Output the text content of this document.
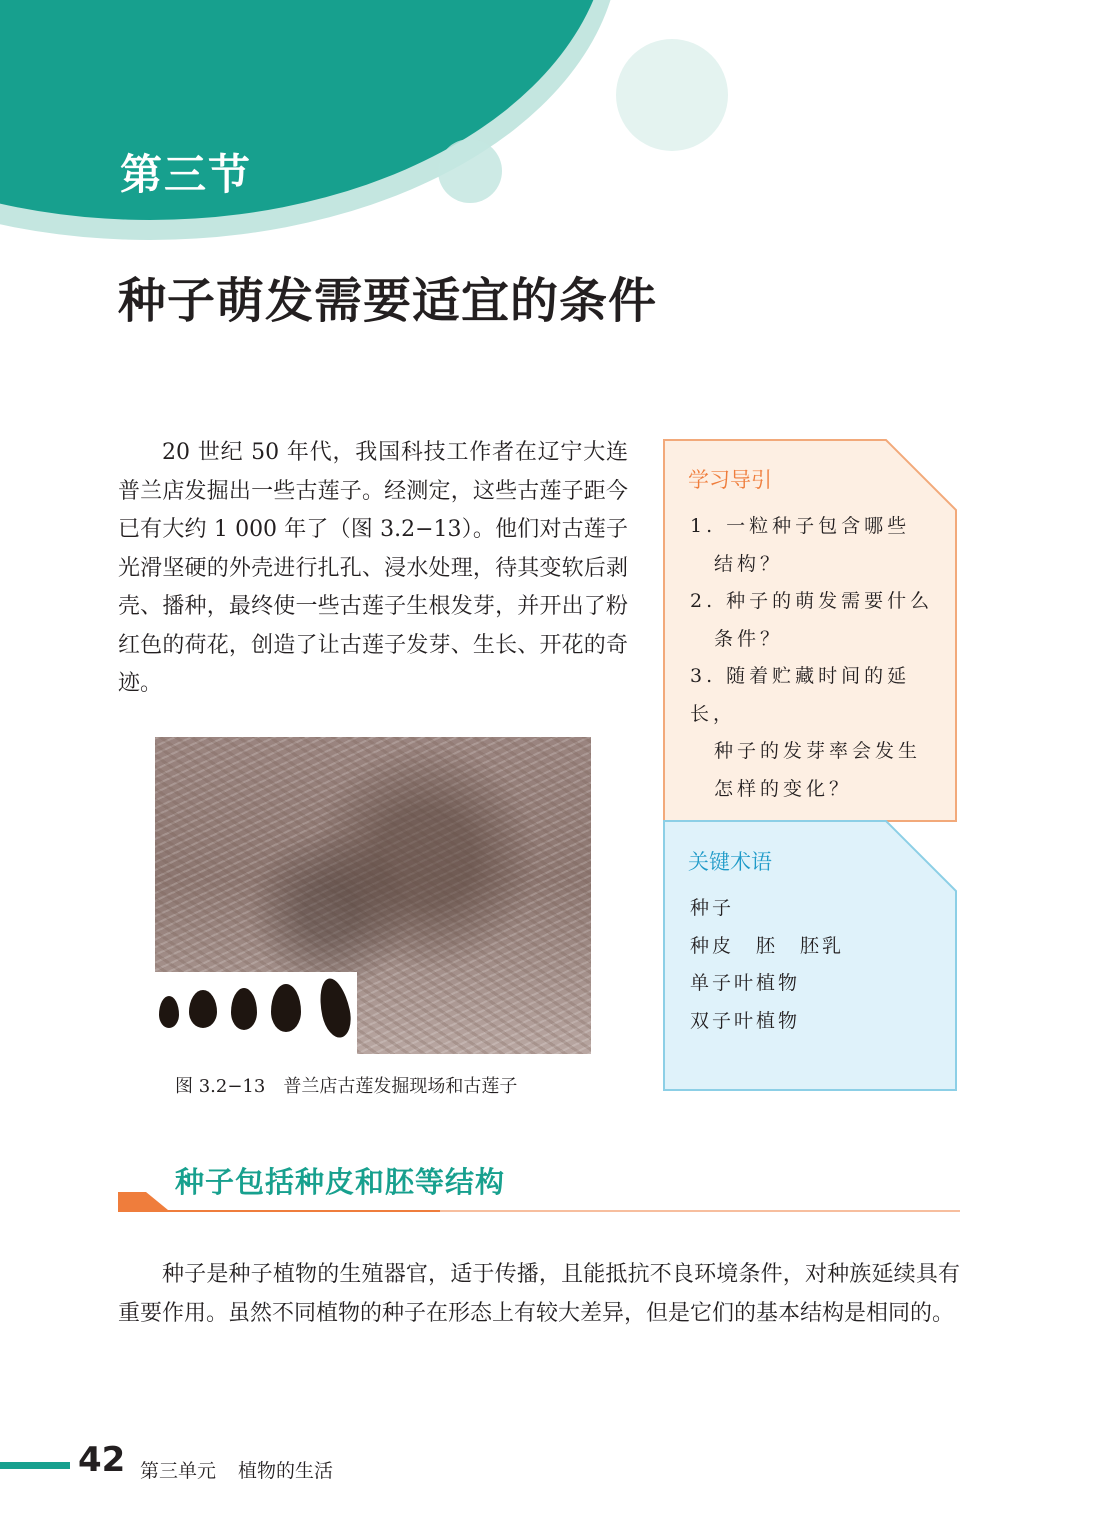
第三节
种子萌发需要适宜的条件

20 世纪 50 年代，我国科技工作者在辽宁大连普兰店发掘出一些古莲子。经测定，这些古莲子距今已有大约 1 000 年了（图 3.2−13）。他们对古莲子光滑坚硬的外壳进行扎孔、浸水处理，待其变软后剥壳、播种，最终使一些古莲子生根发芽，并开出了粉红色的荷花，创造了让古莲子发芽、生长、开花的奇迹。

图 3.2−13　普兰店古莲发掘现场和古莲子
学习导引
1. 一粒种子包含哪些
结构？
2. 种子的萌发需要什么
条件？
3. 随着贮藏时间的延长，
种子的发芽率会发生
怎样的变化？
关键术语
种子
种皮　胚　胚乳
单子叶植物
双子叶植物
种子包括种皮和胚等结构

种子是种子植物的生殖器官，适于传播，且能抵抗不良环境条件，对种族延续具有重要作用。虽然不同植物的种子在形态上有较大差异，但是它们的基本结构是相同的。

42 第三单元 植物的生活
